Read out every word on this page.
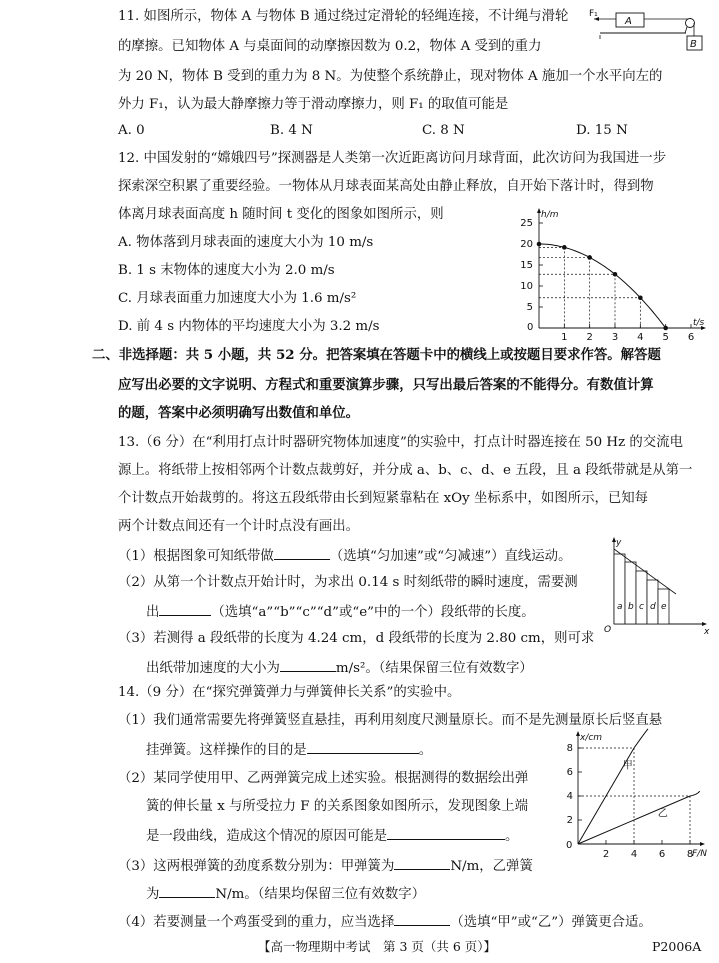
11. 如图所示，物体 A 与物体 B 通过绕过定滑轮的轻绳连接，不计绳与滑轮
的摩擦。已知物体 A 与桌面间的动摩擦因数为 0.2，物体 A 受到的重力
为 20 N，物体 B 受到的重力为 8 N。为使整个系统静止，现对物体 A 施加一个水平向左的
外力 F₁，认为最大静摩擦力等于滑动摩擦力，则 F₁ 的取值可能是
A. 0	B. 4 N	C. 8 N	D. 15 N
F₁
A
B
12. 中国发射的“嫦娥四号”探测器是人类第一次近距离访问月球背面，此次访问为我国进一步
探索深空积累了重要经验。一物体从月球表面某高处由静止释放，自开始下落计时，得到物
体离月球表面高度 h 随时间 t 变化的图象如图所示，则
A. 物体落到月球表面的速度大小为 10 m/s
B. 1 s 末物体的速度大小为 2.0 m/s
C. 月球表面重力加速度大小为 1.6 m/s²
D. 前 4 s 内物体的平均速度大小为 3.2 m/s
h/m
t/s
0
5
10
15
20
25
1 2 3 4 5 6
二、非选择题：共 5 小题，共 52 分。把答案填在答题卡中的横线上或按题目要求作答。解答题
应写出必要的文字说明、方程式和重要演算步骤，只写出最后答案的不能得分。有数值计算
的题，答案中必须明确写出数值和单位。
13.（6 分）在“利用打点计时器研究物体加速度”的实验中，打点计时器连接在 50 Hz 的交流电
源上。将纸带上按相邻两个计数点裁剪好，并分成 a、b、c、d、e 五段，且 a 段纸带就是从第一
个计数点开始裁剪的。将这五段纸带由长到短紧靠粘在 xOy 坐标系中，如图所示，已知每
两个计数点间还有一个计时点没有画出。
（1）根据图象可知纸带做	（选填“匀加速”或“匀减速”）直线运动。
（2）从第一个计数点开始计时，为求出 0.14 s 时刻纸带的瞬时速度，需要测
出	（选填“a”“b”“c”“d”或“e”中的一个）段纸带的长度。
（3）若测得 a 段纸带的长度为 4.24 cm，d 段纸带的长度为 2.80 cm，则可求
出纸带加速度的大小为	m/s²。（结果保留三位有效数字）
y
x
O
a b c d e
14.（9 分）在“探究弹簧弹力与弹簧伸长关系”的实验中。
（1）我们通常需要先将弹簧竖直悬挂，再利用刻度尺测量原长。而不是先测量原长后竖直悬
挂弹簧。这样操作的目的是	。
（2）某同学使用甲、乙两弹簧完成上述实验。根据测得的数据绘出弹
簧的伸长量 x 与所受拉力 F 的关系图象如图所示，发现图象上端
是一段曲线，造成这个情况的原因可能是	。
（3）这两根弹簧的劲度系数分别为：甲弹簧为	N/m，乙弹簧
为	N/m。（结果均保留三位有效数字）
（4）若要测量一个鸡蛋受到的重力，应当选择	（选填“甲”或“乙”）弹簧更合适。
x/cm
F/N
0
2
4
6
8
2 4 6 8
甲
乙
【高一物理期中考试　第 3 页（共 6 页）】	P2006A
